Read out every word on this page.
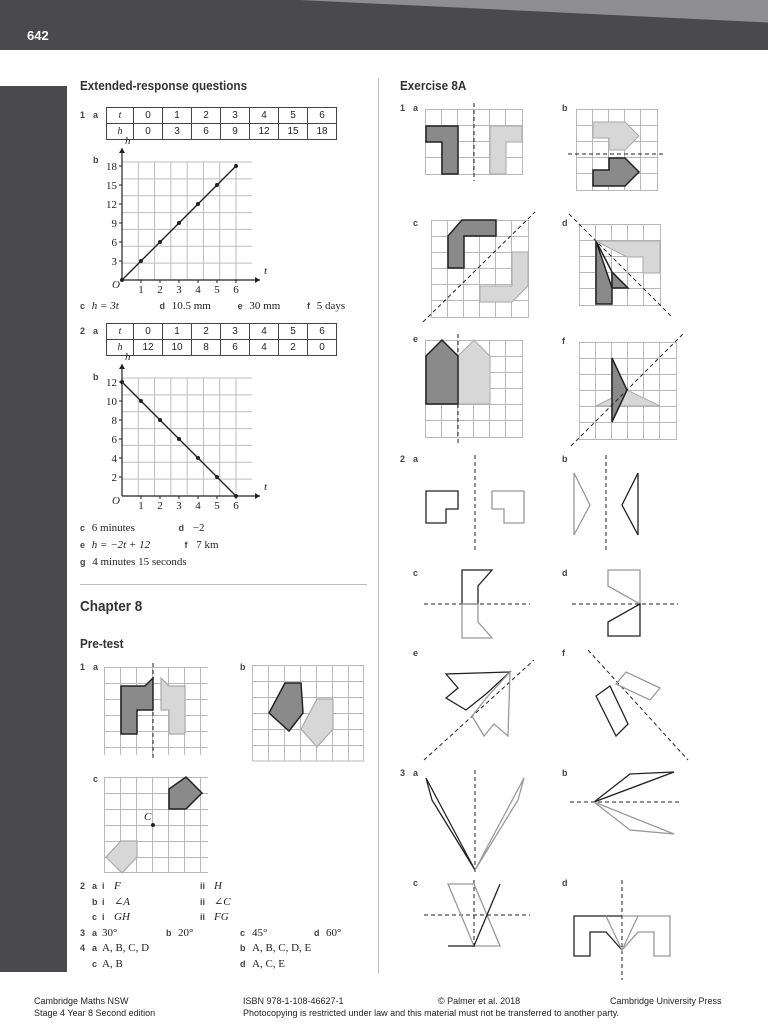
642
Extended-response questions
1 a t	0	1	2	3	4	5	6
h	0	3	6	9	12	15	18
b
t
h
O 1 2 3 4 5 6
3
6
9
12
15
18
c h = 3t	d 10.5 mm	e 30 mm	f 5 days
2 a t	0	1	2	3	4	5	6
h	12	10	8	6	4	2	0
b
t
h
O 1 2 3 4 5 6
2
4
6
8
10
12
c 6 minutes	d −2
e h = −2t + 12	f 7 km
g 4 minutes 15 seconds
Chapter 8
Pre-test
1 a	b
c
C
2 a i F	ii H
b i ∠A	ii ∠C
c i GH	ii FG
3 a 30°	b 20°	c 45°	d 60°
4 a A, B, C, D	b A, B, C, D, E
c A, B	d A, C, E
Exercise 8A
1 a	b
c	d
e	f
2 a	b
c	d
e	f
3 a	b
c	d
Cambridge Maths NSW
Stage 4 Year 8 Second edition
ISBN 978-1-108-46627-1	© Palmer et al. 2018	Cambridge University Press
Photocopying is restricted under law and this material must not be transferred to another party.
